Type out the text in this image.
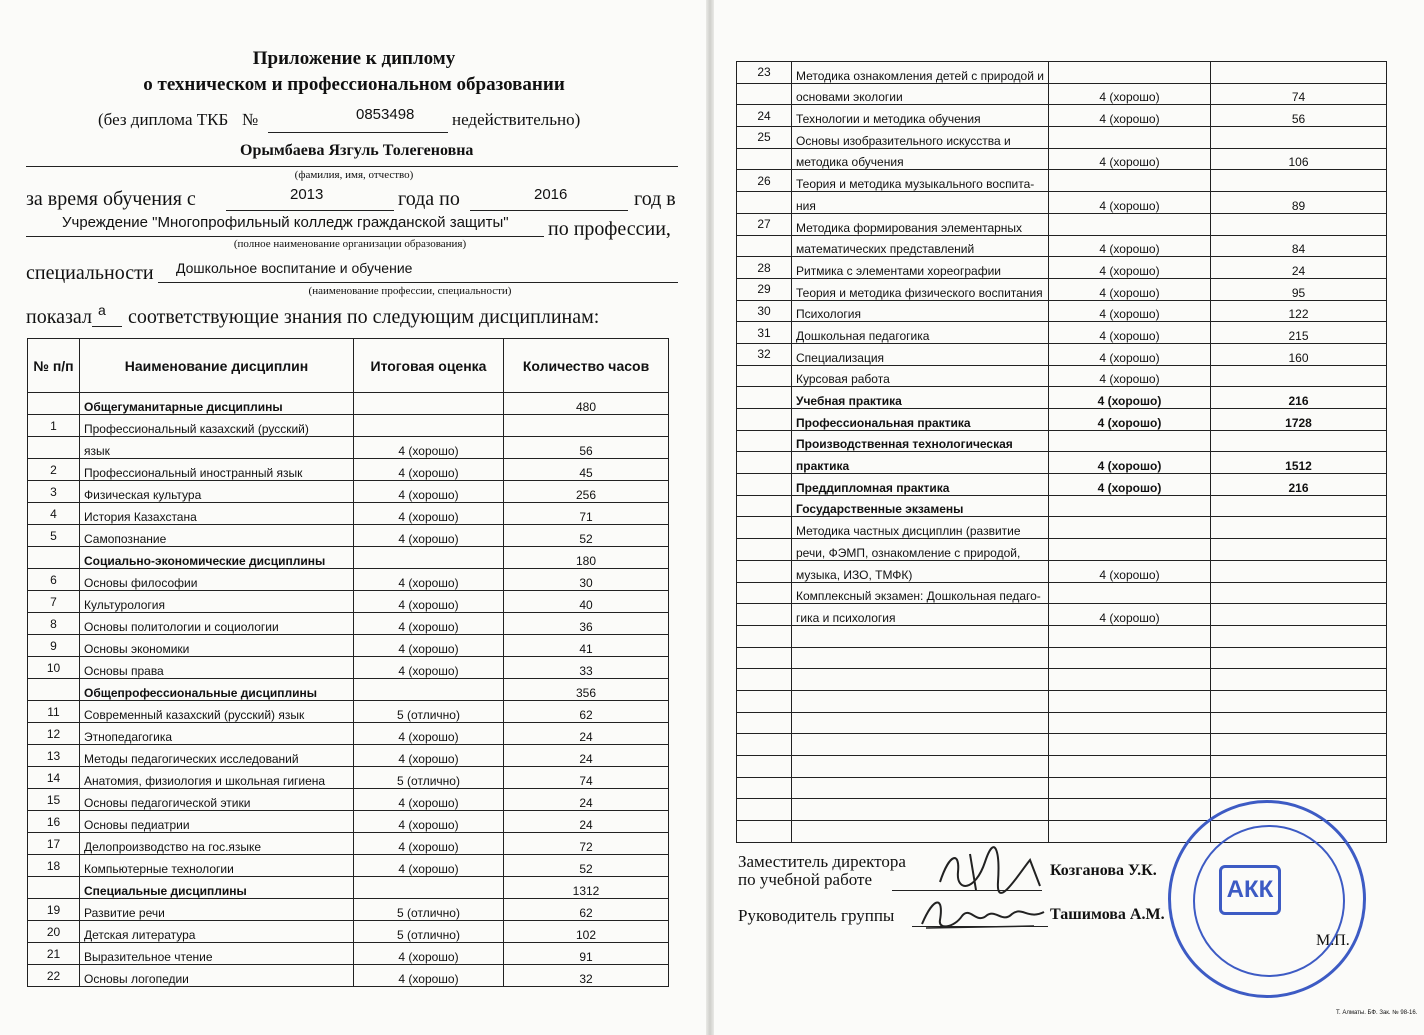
Приложение к диплому
о техническом и профессиональном образовании
(без диплома ТКБ №	0853498 недействительно)
Орымбаева Язгуль Толегеновна
(фамилия, имя, отчество)
за время обучения с	2013	года по	2016	год в
Учреждение "Многопрофильный колледж гражданской защиты" по профессии,
(полное наименование организации образования)
специальности Дошкольное воспитание и обучение
(наименование профессии, специальности)
показал а соответствующие знания по следующим дисциплинам:
№ п/п	Наименование дисциплин	Итоговая оценка	Количество часов
	Общегуманитарные дисциплины		480
1	Профессиональный казахский (русский)		
	язык	4 (хорошо)	56
2	Профессиональный иностранный язык	4 (хорошо)	45
3	Физическая культура	4 (хорошо)	256
4	История Казахстана	4 (хорошо)	71
5	Самопознание	4 (хорошо)	52
	Социально-экономические дисциплины		180
6	Основы философии	4 (хорошо)	30
7	Культурология	4 (хорошо)	40
8	Основы политологии и социологии	4 (хорошо)	36
9	Основы экономики	4 (хорошо)	41
10	Основы права	4 (хорошо)	33
	Общепрофессиональные дисциплины		356
11	Современный казахский (русский) язык	5 (отлично)	62
12	Этнопедагогика	4 (хорошо)	24
13	Методы педагогических исследований	4 (хорошо)	24
14	Анатомия, физиология и школьная гигиена	5 (отлично)	74
15	Основы педагогической этики	4 (хорошо)	24
16	Основы педиатрии	4 (хорошо)	24
17	Делопроизводство на гос.языке	4 (хорошо)	72
18	Компьютерные технологии	4 (хорошо)	52
	Специальные дисциплины		1312
19	Развитие речи	5 (отлично)	62
20	Детская литература	5 (отлично)	102
21	Выразительное чтение	4 (хорошо)	91
22	Основы логопедии	4 (хорошо)	32
23	Методика ознакомления детей с природой и		
	основами экологии	4 (хорошо)	74
24	Технологии и методика обучения	4 (хорошо)	56
25	Основы изобразительного искусства и		
	методика обучения	4 (хорошо)	106
26	Теория и методика музыкального воспита-		
	ния	4 (хорошо)	89
27	Методика формирования элементарных		
	математических представлений	4 (хорошо)	84
28	Ритмика с элементами хореографии	4 (хорошо)	24
29	Теория и методика физического воспитания	4 (хорошо)	95
30	Психология	4 (хорошо)	122
31	Дошкольная педагогика	4 (хорошо)	215
32	Специализация	4 (хорошо)	160
	Курсовая работа	4 (хорошо)	
	Учебная практика	4 (хорошо)	216
	Профессиональная практика	4 (хорошо)	1728
	Производственная технологическая		
	практика	4 (хорошо)	1512
	Преддипломная практика	4 (хорошо)	216
	Государственные экзамены		
	Методика частных дисциплин (развитие		
	речи, ФЭМП, ознакомление с природой,		
	музыка, ИЗО, ТМФК)	4 (хорошо)	
	Комплексный экзамен: Дошкольная педаго-		
	гика и психология	4 (хорошо)	

Заместитель директора
по учебной работе	Козганова У.К.
Руководитель группы	Ташимова А.М.
М.П.
АКК
Т. Алматы. БФ. Зак. № 98-16.
